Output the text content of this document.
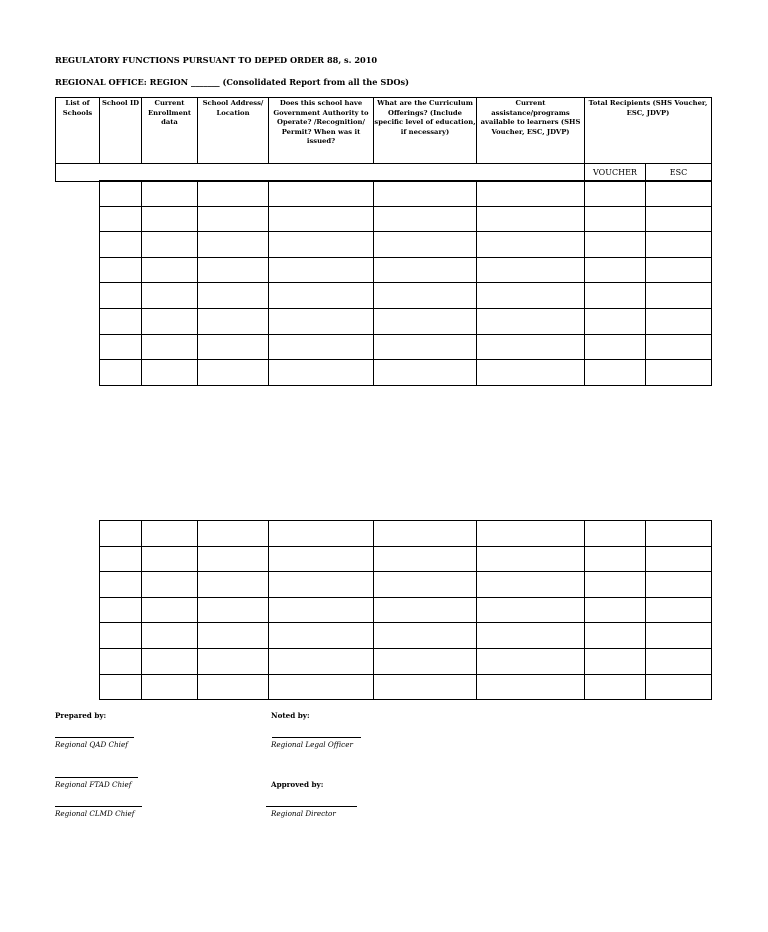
REGULATORY FUNCTIONS PURSUANT TO DEPED ORDER 88, s. 2010
REGIONAL OFFICE: REGION _______ (Consolidated Report from all the SDOs)
List of Schools	School ID	Current Enrollment data	School Address/ Location	Does this school have Government Authority to Operate? /Recognition/ Permit? When was it issued?	What are the Curriculum Offerings? (Include specific level of education, if necessary)	Current assistance/programs available to learners (SHS Voucher, ESC, JDVP)	Total Recipients (SHS Voucher, ESC, JDVP)	
							VOUCHER	ESC

Prepared by:	Noted by:
Regional QAD Chief	Regional Legal Officer
Regional FTAD Chief	Approved by:
Regional CLMD Chief	Regional Director
